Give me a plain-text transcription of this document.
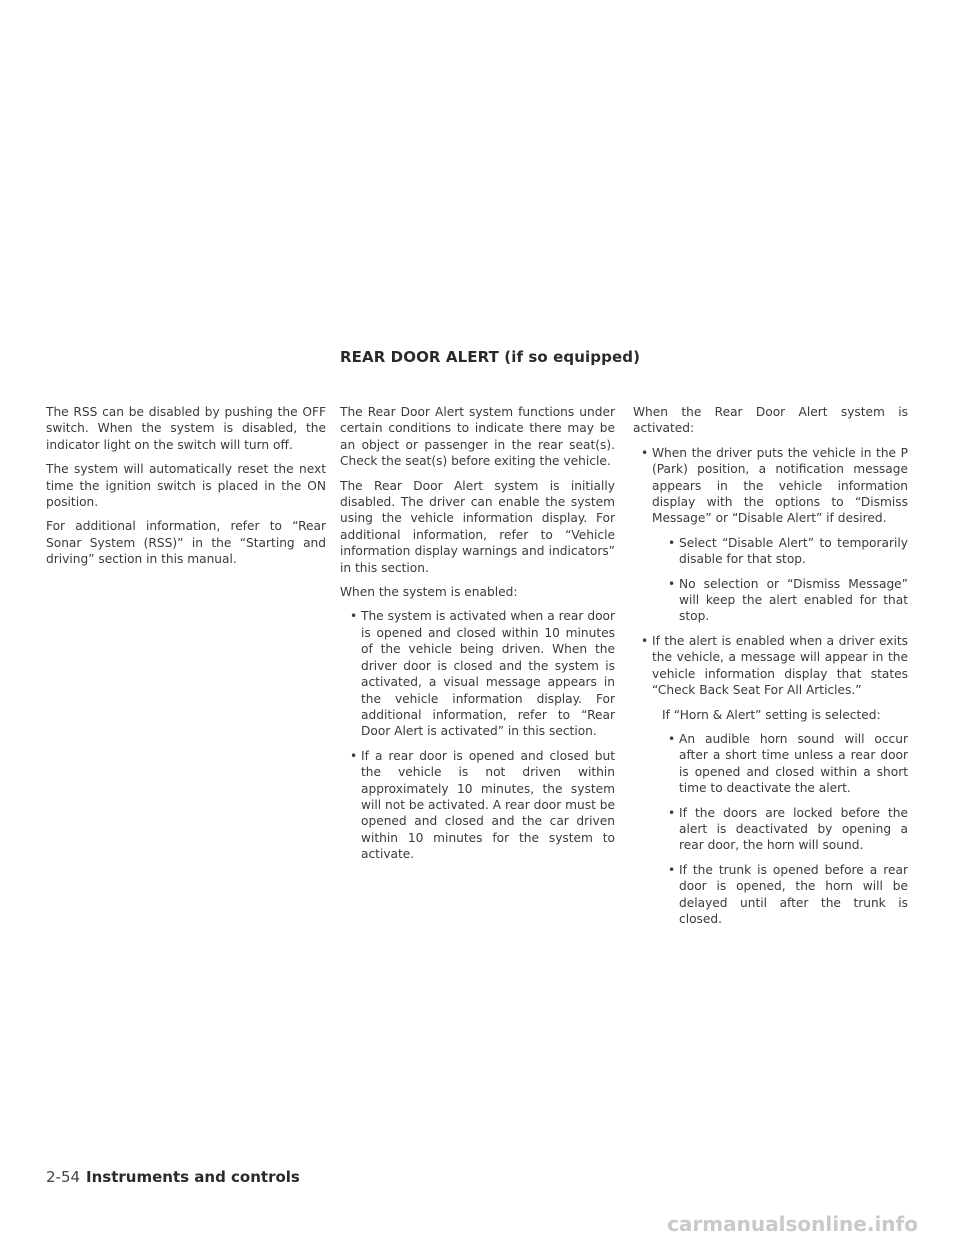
REAR DOOR ALERT (if so equipped)

The RSS can be disabled by pushing the OFF switch. When the system is disabled, the indicator light on the switch will turn off.

The system will automatically reset the next time the ignition switch is placed in the ON position.

For additional information, refer to “Rear Sonar System (RSS)” in the “Starting and driving” section in this manual.

The Rear Door Alert system functions under certain conditions to indicate there may be an object or passenger in the rear seat(s). Check the seat(s) before exiting the vehicle.

The Rear Door Alert system is initially disabled. The driver can enable the system using the vehicle information display. For additional information, refer to “Vehicle information display warnings and indicators” in this section.

When the system is enabled:

• The system is activated when a rear door is opened and closed within 10 minutes of the vehicle being driven. When the driver door is closed and the system is activated, a visual message appears in the vehicle information display. For additional information, refer to “Rear Door Alert is activated” in this section.
• If a rear door is opened and closed but the vehicle is not driven within approximately 10 minutes, the system will not be activated. A rear door must be opened and closed and the car driven within 10 minutes for the system to activate.

When the Rear Door Alert system is activated:

• When the driver puts the vehicle in the P (Park) position, a notification message appears in the vehicle information display with the options to “Dismiss Message” or “Disable Alert” if desired.
• Select “Disable Alert” to temporarily disable for that stop.
• No selection or “Dismiss Message” will keep the alert enabled for that stop.
• If the alert is enabled when a driver exits the vehicle, a message will appear in the vehicle information display that states “Check Back Seat For All Articles.”

If “Horn & Alert” setting is selected:

• An audible horn sound will occur after a short time unless a rear door is opened and closed within a short time to deactivate the alert.
• If the doors are locked before the alert is deactivated by opening a rear door, the horn will sound.
• If the trunk is opened before a rear door is opened, the horn will be delayed until after the trunk is closed.
2-54 Instruments and controls
carmanualsonline.info
